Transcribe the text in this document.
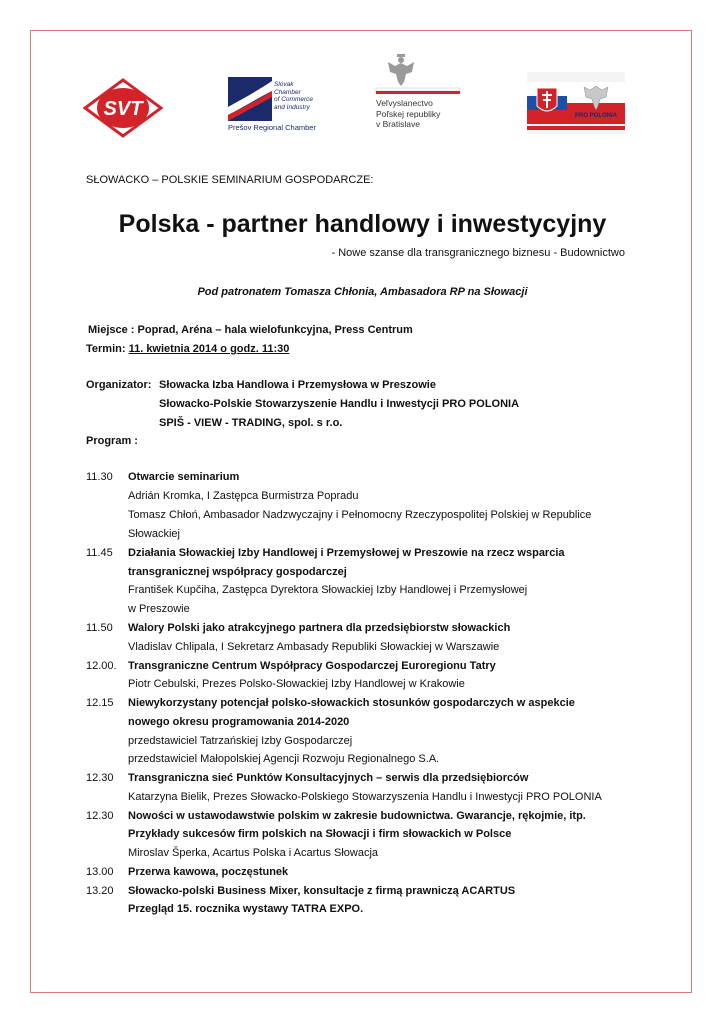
SVT
Slovak
Chamber
of Commerce
and Industry
Prešov Regional Chamber
Veľvyslanectvo
Poľskej republiky
v Bratislave
PRO POLONIA
SŁOWACKO – POLSKIE SEMINARIUM GOSPODARCZE:
Polska - partner handlowy i inwestycyjny
- Nowe szanse dla transgranicznego biznesu - Budownictwo
Pod patronatem Tomasza Chłonia, Ambasadora RP na Słowacji
Miejsce : Poprad, Aréna – hala wielofunkcyjna, Press Centrum
Termin: 11. kwietnia 2014 o godz. 11:30
Organizator: Słowacka Izba Handlowa i Przemysłowa w Preszowie
Słowacko-Polskie Stowarzyszenie Handlu i Inwestycji PRO POLONIA
SPIŠ - VIEW - TRADING, spol. s r.o.
Program :
11.30 Otwarcie seminarium
Adrián Kromka, I Zastępca Burmistrza Popradu
Tomasz Chłoń, Ambasador Nadzwyczajny i Pełnomocny Rzeczypospolitej Polskiej w Republice
Słowackiej
11.45 Działania Słowackiej Izby Handlowej i Przemysłowej w Preszowie na rzecz wsparcia
transgranicznej współpracy gospodarczej
František Kupčiha, Zastępca Dyrektora Słowackiej Izby Handlowej i Przemysłowej
w Preszowie
11.50 Walory Polski jako atrakcyjnego partnera dla przedsiębiorstw słowackich
Vladislav Chlipala, I Sekretarz Ambasady Republiki Słowackiej w Warszawie
12.00. Transgraniczne Centrum Współpracy Gospodarczej Euroregionu Tatry
Piotr Cebulski, Prezes Polsko-Słowackiej Izby Handlowej w Krakowie
12.15 Niewykorzystany potencjał polsko-słowackich stosunków gospodarczych w aspekcie
nowego okresu programowania 2014-2020
przedstawiciel Tatrzańskiej Izby Gospodarczej
przedstawiciel Małopolskiej Agencji Rozwoju Regionalnego S.A.
12.30 Transgraniczna sieć Punktów Konsultacyjnych – serwis dla przedsiębiorców
Katarzyna Bielik, Prezes Słowacko-Polskiego Stowarzyszenia Handlu i Inwestycji PRO POLONIA
12.30 Nowości w ustawodawstwie polskim w zakresie budownictwa. Gwarancje, rękojmie, itp.
Przykłady sukcesów firm polskich na Słowacji i firm słowackich w Polsce
Miroslav Šperka, Acartus Polska i Acartus Słowacja
13.00 Przerwa kawowa, poczęstunek
13.20 Słowacko-polski Business Mixer, konsultacje z firmą prawniczą ACARTUS
Przegląd 15. rocznika wystawy TATRA EXPO.
